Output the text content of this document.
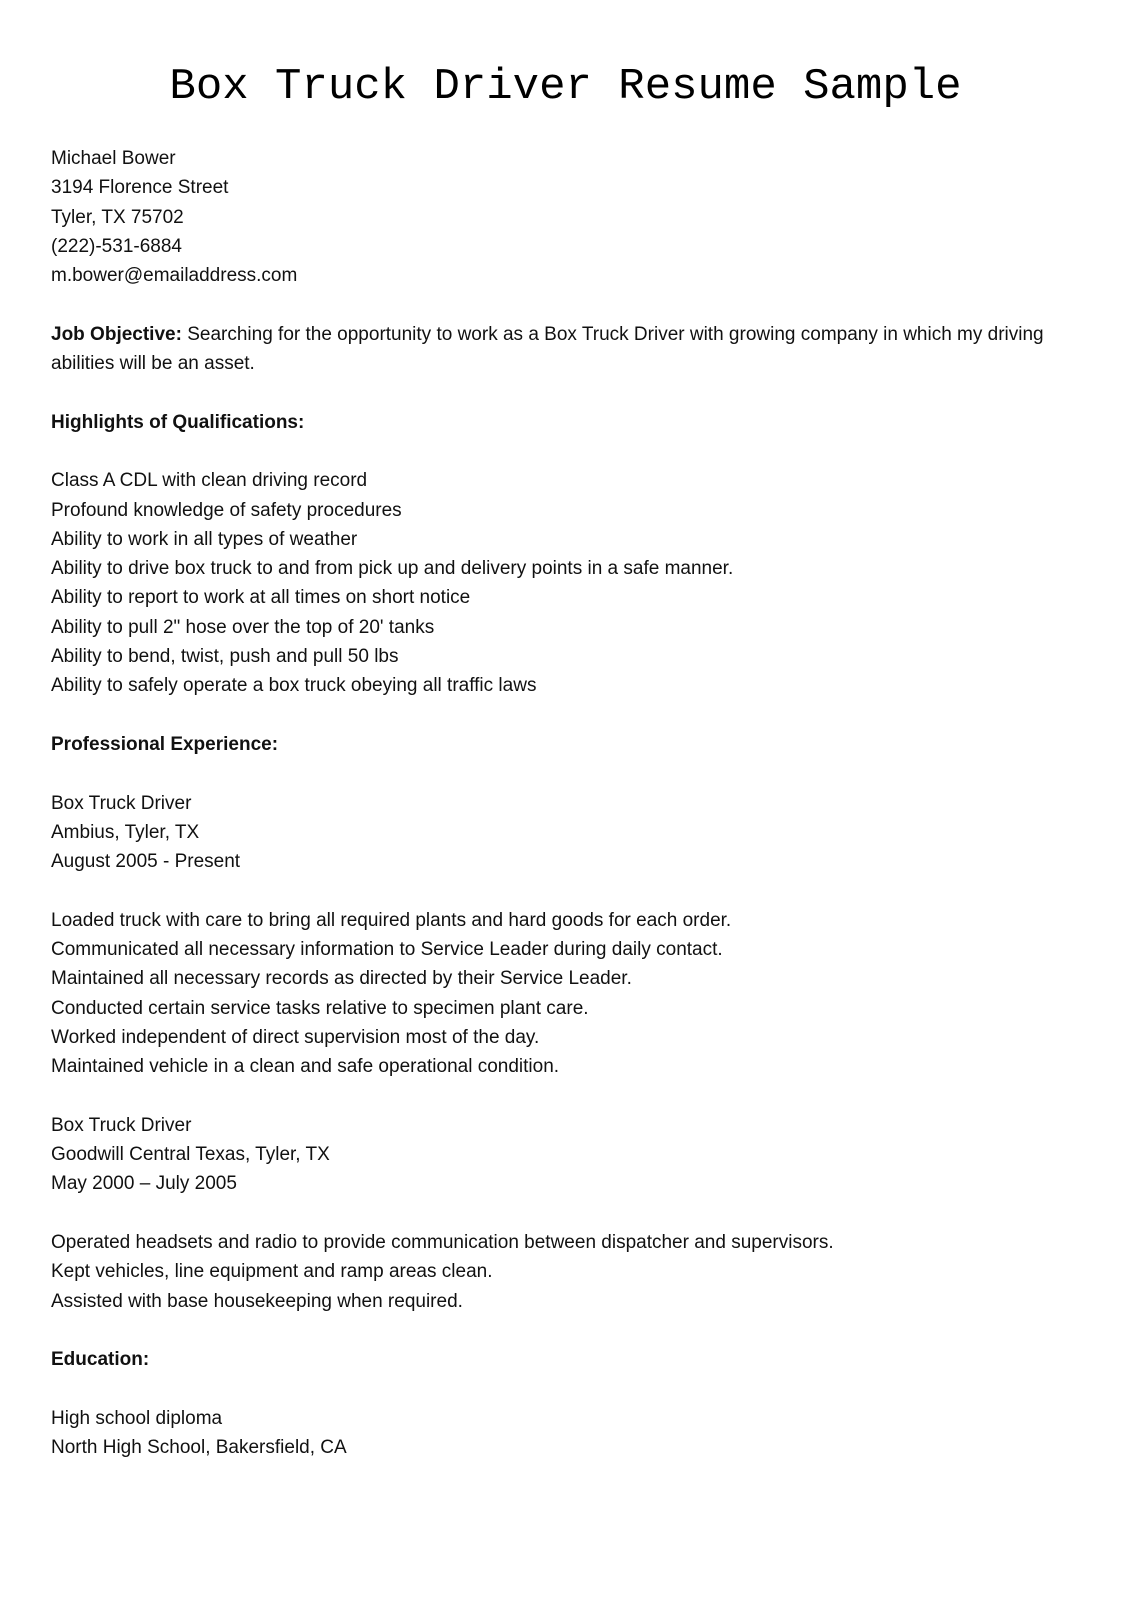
Box Truck Driver Resume Sample
Michael Bower
3194 Florence Street
Tyler, TX 75702
(222)-531-6884
m.bower@emailaddress.com
Job Objective: Searching for the opportunity to work as a Box Truck Driver with growing company in which my driving abilities will be an asset.
Highlights of Qualifications:
Class A CDL with clean driving record
Profound knowledge of safety procedures
Ability to work in all types of weather
Ability to drive box truck to and from pick up and delivery points in a safe manner.
Ability to report to work at all times on short notice
Ability to pull 2" hose over the top of 20' tanks
Ability to bend, twist, push and pull 50 lbs
Ability to safely operate a box truck obeying all traffic laws
Professional Experience:
Box Truck Driver
Ambius, Tyler, TX
August 2005 - Present
Loaded truck with care to bring all required plants and hard goods for each order.
Communicated all necessary information to Service Leader during daily contact.
Maintained all necessary records as directed by their Service Leader.
Conducted certain service tasks relative to specimen plant care.
Worked independent of direct supervision most of the day.
Maintained vehicle in a clean and safe operational condition.
Box Truck Driver
Goodwill Central Texas, Tyler, TX
May 2000 – July 2005
Operated headsets and radio to provide communication between dispatcher and supervisors.
Kept vehicles, line equipment and ramp areas clean.
Assisted with base housekeeping when required.
Education:
High school diploma
North High School, Bakersfield, CA
